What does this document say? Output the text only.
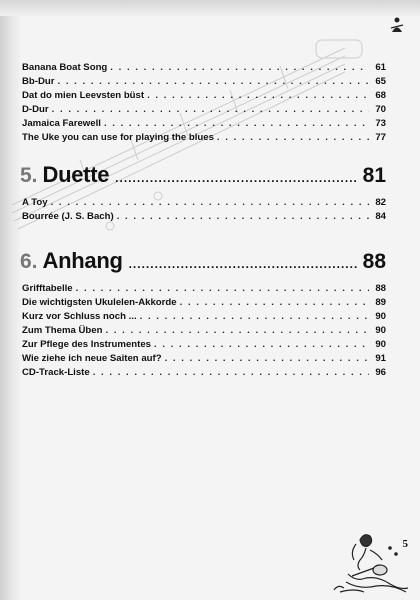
Banana Boat Song . . .	61
Bb-Dur . . .	65
Dat do mien Leevsten büst . . .	68
D-Dur . . .	70
Jamaica Farewell . . .	73
The Uke you can use for playing the blues . . .	77
5. Duette .....	81
A Toy . . .	82
Bourrée (J. S. Bach) . . .	84
6. Anhang .....	88
Grifftabelle . . .	88
Die wichtigsten Ukulelen-Akkorde . . .	89
Kurz vor Schluss noch ... . . .	90
Zum Thema Üben . . .	90
Zur Pflege des Instrumentes . . .	90
Wie ziehe ich neue Saiten auf? . . .	91
CD-Track-Liste . . .	96
5
